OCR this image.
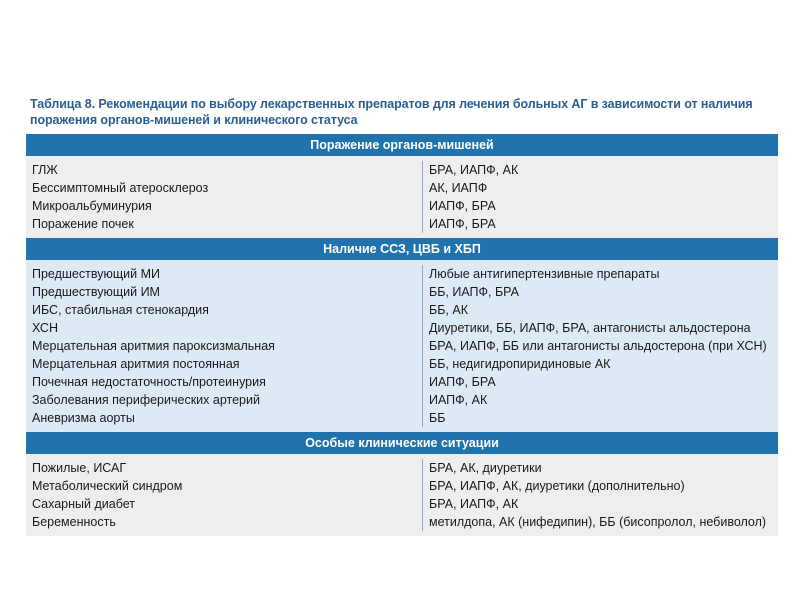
Таблица 8. Рекомендации по выбору лекарственных препаратов для лечения больных АГ в зависимости от наличия
поражения органов-мишеней и клинического статуса
Поражение органов-мишеней
ГЛЖ
Бессимптомный атеросклероз
Микроальбуминурия
Поражение почек
БРА, ИАПФ, АК
АК, ИАПФ
ИАПФ, БРА
ИАПФ, БРА
Наличие ССЗ, ЦВБ и ХБП
Предшествующий МИ
Предшествующий ИМ
ИБС, стабильная стенокардия
ХСН
Мерцательная аритмия пароксизмальная
Мерцательная аритмия постоянная
Почечная недостаточность/протеинурия
Заболевания периферических артерий
Аневризма аорты
Любые антигипертензивные препараты
ББ, ИАПФ, БРА
ББ, АК
Диуретики, ББ, ИАПФ, БРА, антагонисты альдостерона
БРА, ИАПФ, ББ или антагонисты альдостерона (при ХСН)
ББ, недигидропиридиновые АК
ИАПФ, БРА
ИАПФ, АК
ББ
Особые клинические ситуации
Пожилые, ИСАГ
Метаболический синдром
Сахарный диабет
Беременность
БРА, АК, диуретики
БРА, ИАПФ, АК, диуретики (дополнительно)
БРА, ИАПФ, АК
метилдопа, АК (нифедипин), ББ (бисопролол, небиволол)
